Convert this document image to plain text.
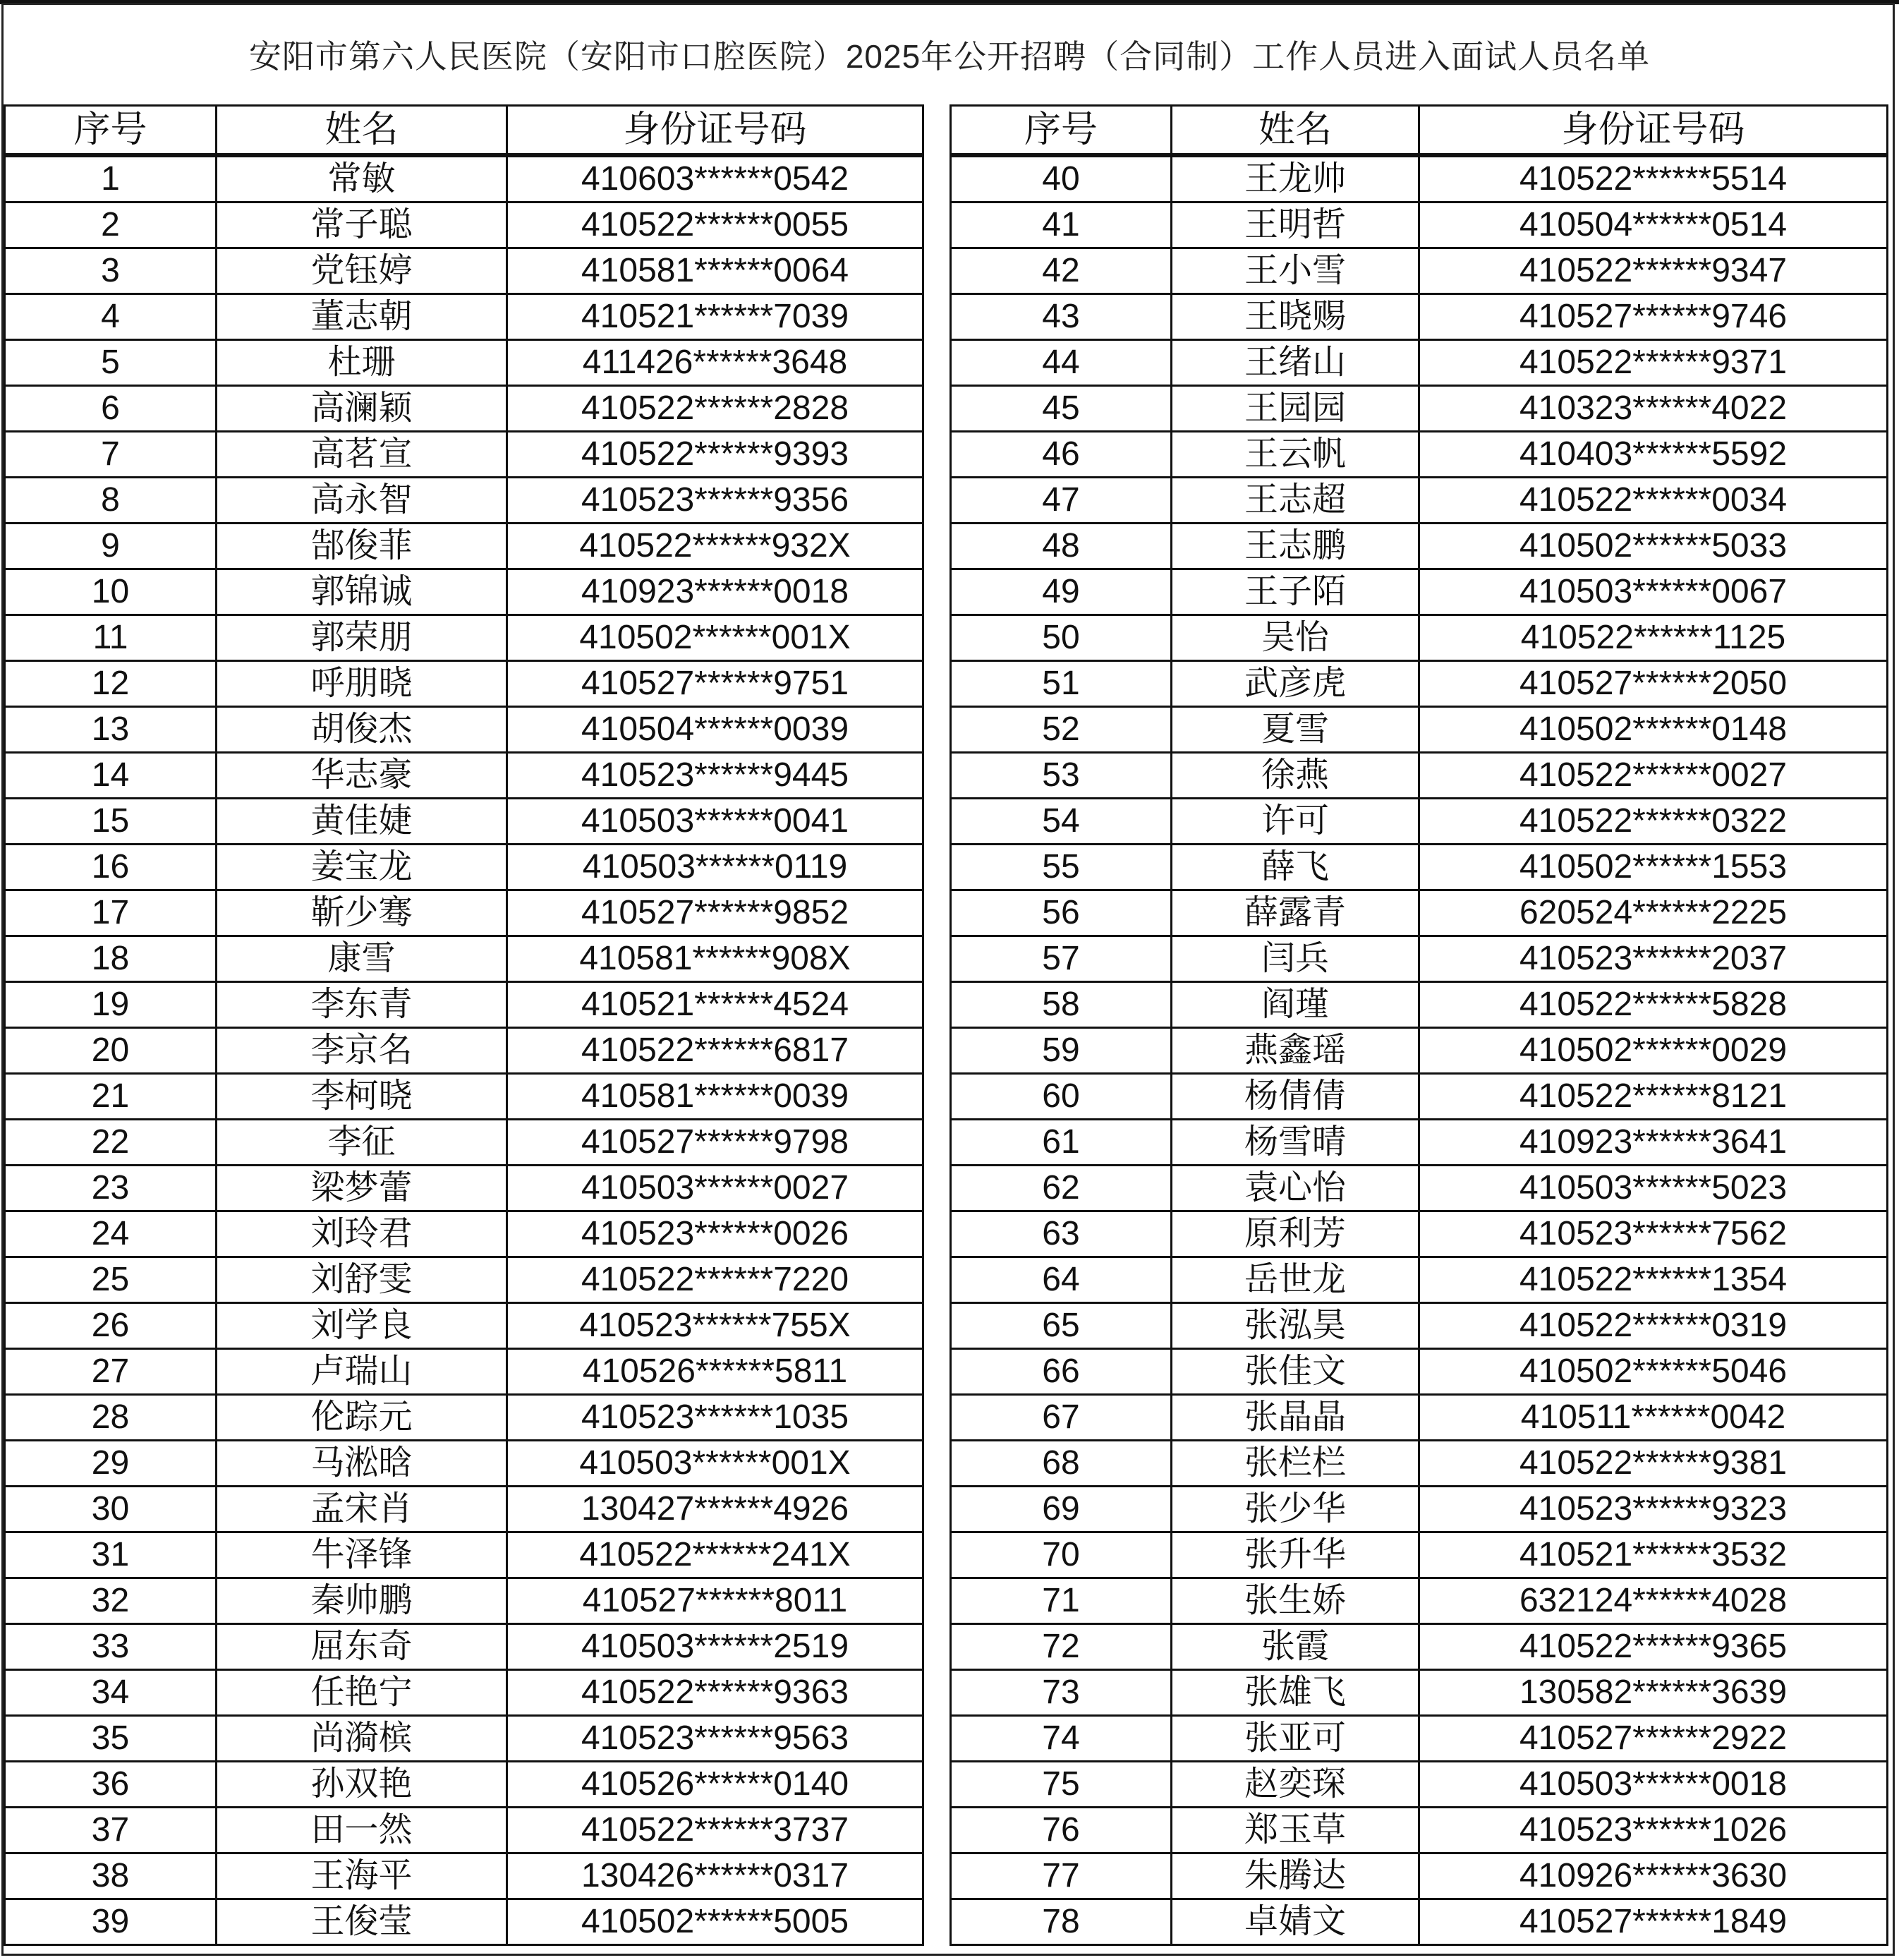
安阳市第六人民医院（安阳市口腔医院）2025年公开招聘（合同制）工作人员进入面试人员名单
序号	姓名	身份证号码
1	常敏	410603******0542
2	常子聪	410522******0055
3	党钰婷	410581******0064
4	董志朝	410521******7039
5	杜珊	411426******3648
6	高澜颖	410522******2828
7	高茗宣	410522******9393
8	高永智	410523******9356
9	郜俊菲	410522******932X
10	郭锦诚	410923******0018
11	郭荣朋	410502******001X
12	呼朋晓	410527******9751
13	胡俊杰	410504******0039
14	华志豪	410523******9445
15	黄佳婕	410503******0041
16	姜宝龙	410503******0119
17	靳少骞	410527******9852
18	康雪	410581******908X
19	李东青	410521******4524
20	李京名	410522******6817
21	李柯晓	410581******0039
22	李征	410527******9798
23	梁梦蕾	410503******0027
24	刘玲君	410523******0026
25	刘舒雯	410522******7220
26	刘学良	410523******755X
27	卢瑞山	410526******5811
28	伦踪元	410523******1035
29	马淞晗	410503******001X
30	孟宋肖	130427******4926
31	牛泽锋	410522******241X
32	秦帅鹏	410527******8011
33	屈东奇	410503******2519
34	任艳宁	410522******9363
35	尚漪槟	410523******9563
36	孙双艳	410526******0140
37	田一然	410522******3737
38	王海平	130426******0317
39	王俊莹	410502******5005
序号	姓名	身份证号码
40	王龙帅	410522******5514
41	王明哲	410504******0514
42	王小雪	410522******9347
43	王晓赐	410527******9746
44	王绪山	410522******9371
45	王园园	410323******4022
46	王云帆	410403******5592
47	王志超	410522******0034
48	王志鹏	410502******5033
49	王子陌	410503******0067
50	吴怡	410522******1125
51	武彦虎	410527******2050
52	夏雪	410502******0148
53	徐燕	410522******0027
54	许可	410522******0322
55	薛飞	410502******1553
56	薛露青	620524******2225
57	闫兵	410523******2037
58	阎瑾	410522******5828
59	燕鑫瑶	410502******0029
60	杨倩倩	410522******8121
61	杨雪晴	410923******3641
62	袁心怡	410503******5023
63	原利芳	410523******7562
64	岳世龙	410522******1354
65	张泓昊	410522******0319
66	张佳文	410502******5046
67	张晶晶	410511******0042
68	张栏栏	410522******9381
69	张少华	410523******9323
70	张升华	410521******3532
71	张生娇	632124******4028
72	张霞	410522******9365
73	张雄飞	130582******3639
74	张亚可	410527******2922
75	赵奕琛	410503******0018
76	郑玉草	410523******1026
77	朱腾达	410926******3630
78	卓婧文	410527******1849
